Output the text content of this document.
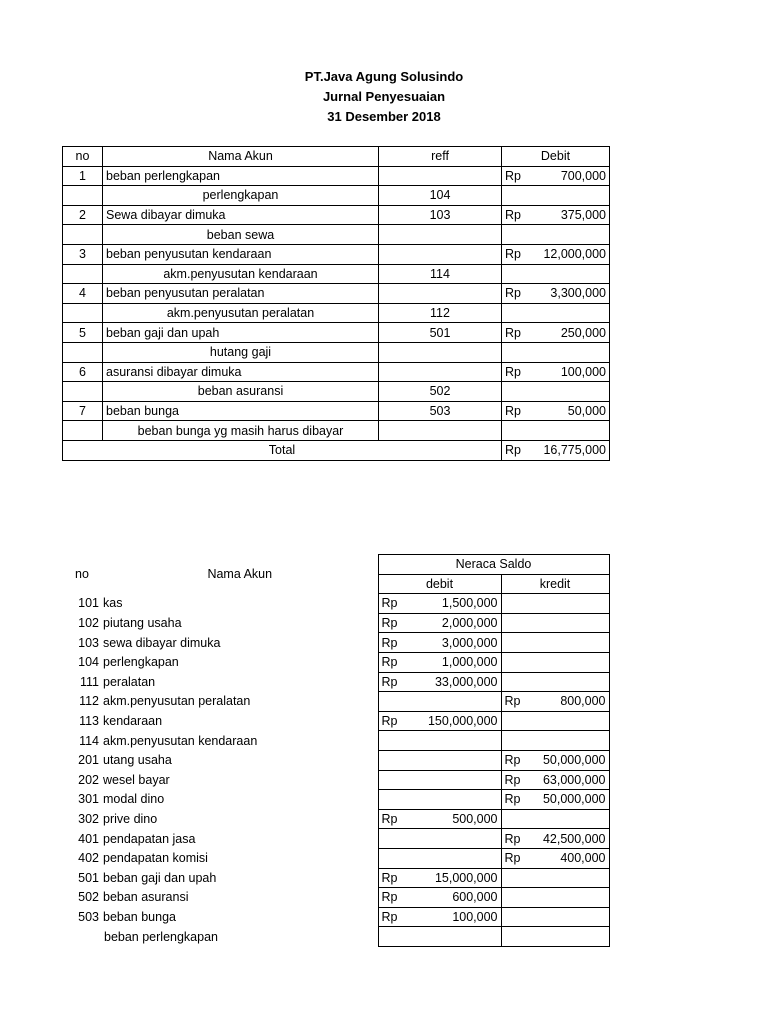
PT.Java Agung Solusindo
Jurnal Penyesuaian
31 Desember 2018
no	Nama Akun	reff	Debit
1	beban perlengkapan		Rp 700,000

	perlengkapan	104	

2	Sewa dibayar dimuka	103	Rp 375,000

	beban sewa		

3	beban penyusutan kendaraan		Rp 12,000,000

	akm.penyusutan kendaraan	114	

4	beban penyusutan peralatan		Rp 3,300,000

	akm.penyusutan peralatan	112	

5	beban gaji dan upah	501	Rp 250,000

	hutang gaji		

6	asuransi dibayar dimuka		Rp 100,000

	beban asuransi	502	

7	beban bunga	503	Rp 50,000

	beban bunga yg masih harus dibayar		

Total			Rp 16,775,000
no	Nama Akun	Neraca Saldo	
		debit	kredit
101	kas	Rp 1,500,000	

102	piutang usaha	Rp 2,000,000	

103	sewa dibayar dimuka	Rp 3,000,000	

104	perlengkapan	Rp 1,000,000	

111	peralatan	Rp 33,000,000	

112	akm.penyusutan peralatan		Rp 800,000

113	kendaraan	Rp 150,000,000	

114	akm.penyusutan kendaraan	

201	utang usaha		Rp 50,000,000

202	wesel bayar		Rp 63,000,000

301	modal dino		Rp 50,000,000

302	prive dino	Rp 500,000	

401	pendapatan jasa		Rp 42,500,000

402	pendapatan komisi		Rp 400,000

501	beban gaji dan upah	Rp 15,000,000	

502	beban asuransi	Rp 600,000	

503	beban bunga	Rp 100,000	

	beban perlengkapan	
